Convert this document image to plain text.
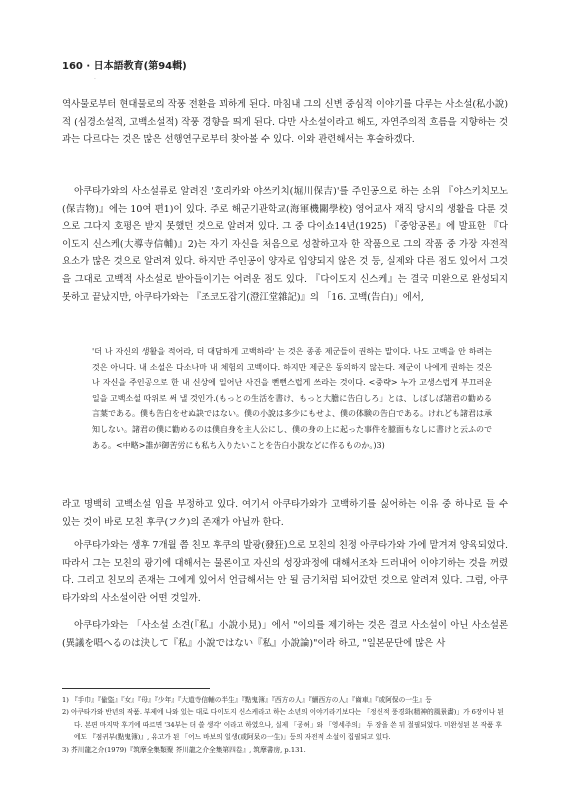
160 · 日本語教育(第94輯)

역사물로부터 현대물로의 작풍 전환을 꾀하게 된다. 마침내 그의 신변 중심적 이야기를 다루는 사소설(私小說)적 (심경소설적, 고백소설적) 작풍 경향을 띄게 된다. 다만 사소설이라고 해도, 자연주의적 흐름을 지향하는 것과는 다르다는 것은 많은 선행연구로부터 찾아볼 수 있다. 이와 관련해서는 후술하겠다.

아쿠타가와의 사소설류로 알려진 '호리카와 야쓰키치(堀川保吉)'를 주인공으로 하는 소위 『야스키치모노(保吉物)』에는 10여 편1)이 있다. 주로 해군기관학교(海軍機關學校) 영어교사 재직 당시의 생활을 다룬 것으로 그다지 호평은 받지 못했던 것으로 알려져 있다. 그 중 다이쇼14년(1925) 『중앙공론』에 발표한 『다이도지 신스케(大導寺信輔)』2)는 자기 자신을 처음으로 성찰하고자 한 작품으로 그의 작품 중 가장 자전적 요소가 많은 것으로 알려져 있다. 하지만 주인공이 양자로 입양되지 않은 것 등, 실제와 다른 점도 있어서 그것을 그대로 고백적 사소설로 받아들이기는 어려운 점도 있다. 『다이도지 신스케』는 결국 미완으로 완성되지 못하고 끝났지만, 아쿠타가와는 『조코도잡기(澄江堂雜記)』의 「16. 고백(告白)」에서,

'더 나 자신의 생활을 적어라, 더 대담하게 고백하라' 는 것은 종종 제군들이 권하는 말이다. 나도 고백을 안 하려는 것은 아니다. 내 소설은 다소나마 내 체험의 고백이다. 하지만 제군은 동의하지 않는다. 제군이 나에게 권하는 것은 나 자신을 주인공으로 한 내 신상에 일어난 사건을 뻔뻔스럽게 쓰라는 것이다. <중략> 누가 고생스럽게 부끄러운 일을 고백소설 따위로 써 낼 것인가.(もっとの生活を書け、もっと大膽に告白しろ」とは、しばしば諸君の勸める言葉である。僕も告白をせぬ訣ではない。僕の小說は多少にもせよ、僕の体験の告白である。けれども諸君は承知しない。諸君の僕に勸めるのは僕自身を主人公にし、僕の身の上に起った事件を臆面もなしに書けと云ふのである。<中略>誰が御苦労にも私ち入りたいことを告白小說などに作るものか。)3)

라고 명백히 고백소설 임을 부정하고 있다. 여기서 아쿠타가와가 고백하기를 싫어하는 이유 중 하나로 들 수 있는 것이 바로 모친 후쿠(フク)의 존재가 아닐까 한다.

아쿠타가와는 생후 7개월 쯤 친모 후쿠의 발광(發狂)으로 모친의 친정 아쿠타가와 가에 맡겨져 양육되었다. 따라서 그는 모친의 광기에 대해서는 물론이고 자신의 성장과정에 대해서조차 드러내어 이야기하는 것을 꺼렸다. 그리고 친모의 존재는 그에게 있어서 언급해서는 안 될 금기처럼 되어갔던 것으로 알려져 있다. 그럼, 아쿠타가와의 사소설이란 어떤 것일까.

아쿠타가와는 「사소설 소견(『私』小說小見)」에서 "이의를 제기하는 것은 결코 사소설이 아닌 사소설론(異議を唱へるのは決して『私』小說ではない『私』小說論)"이라 하고, "일본문단에 많은 사

1) 『手巾』『偸盜』『女』『母』『少年』『大道寺信輔の半生』『點鬼簿』『西方の人』『續西方の人』『齒車』『或阿保の一生』등

2) 아쿠타가와 반년의 작품. 부제에 나와 있는 대로 다이도지 신스케라고 하는 소년의 이야기라기보다는 「정신적 풍경화(精神的風景畵)」가 6장이나 된다. 본편 마지막 후기에 따르면 '34부는 더 쓸 생각' 이라고 하였으나, 실제 「공허」와 「영세주의」 두 장을 쓴 뒤 절필되었다. 미완성된 본 작품 후에도 『점귀부(點鬼簿)』, 유고가 된 「어느 바보의 일생(或阿呆の一生)」등의 자전적 소설이 집필되고 있다.

3) 芥川龍之介(1979)『筑摩全集類聚 芥川龍之介全集第四卷』, 筑摩書房, p.131.

·
